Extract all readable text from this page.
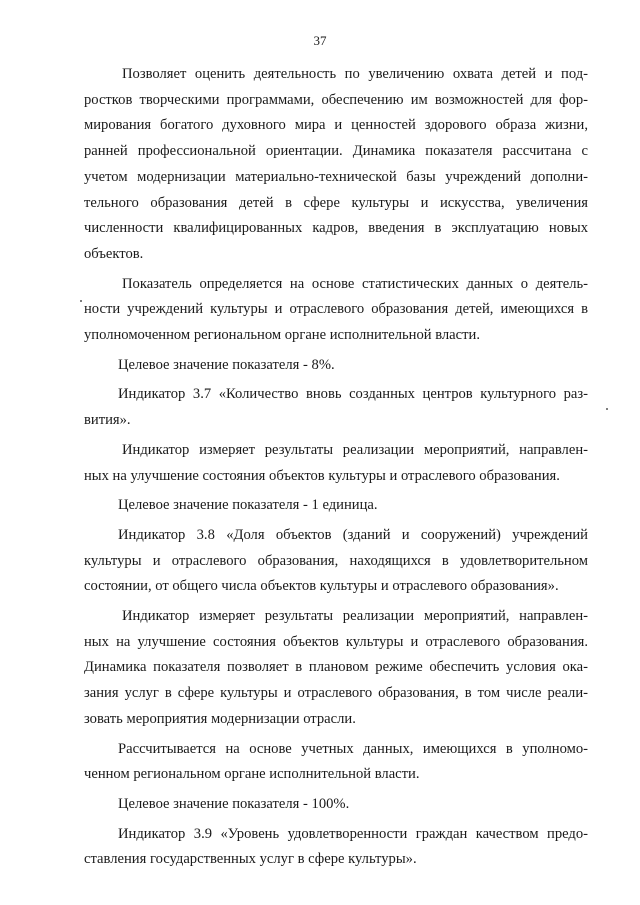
37
Позволяет оценить деятельность по увеличению охвата детей и под-
ростков творческими программами, обеспечению им возможностей для фор-
мирования богатого духовного мира и ценностей здорового образа жизни,
ранней профессиональной ориентации. Динамика показателя рассчитана с
учетом модернизации материально-технической базы учреждений дополни-
тельного образования детей в сфере культуры и искусства, увеличения
численности квалифицированных кадров, введения в эксплуатацию новых
объектов.
Показатель определяется на основе статистических данных о деятель-
ности учреждений культуры и отраслевого образования детей, имеющихся в
уполномоченном региональном органе исполнительной власти.
Целевое значение показателя - 8%.
Индикатор 3.7 «Количество вновь созданных центров культурного раз-
вития».
Индикатор измеряет результаты реализации мероприятий, направлен-
ных на улучшение состояния объектов культуры и отраслевого образования.
Целевое значение показателя - 1 единица.
Индикатор 3.8 «Доля объектов (зданий и сооружений) учреждений
культуры и отраслевого образования, находящихся в удовлетворительном
состоянии, от общего числа объектов культуры и отраслевого образования».
Индикатор измеряет результаты реализации мероприятий, направлен-
ных на улучшение состояния объектов культуры и отраслевого образования.
Динамика показателя позволяет в плановом режиме обеспечить условия ока-
зания услуг в сфере культуры и отраслевого образования, в том числе реали-
зовать мероприятия модернизации отрасли.
Рассчитывается на основе учетных данных, имеющихся в уполномо-
ченном региональном органе исполнительной власти.
Целевое значение показателя - 100%.
Индикатор 3.9 «Уровень удовлетворенности граждан качеством предо-
ставления государственных услуг в сфере культуры».
